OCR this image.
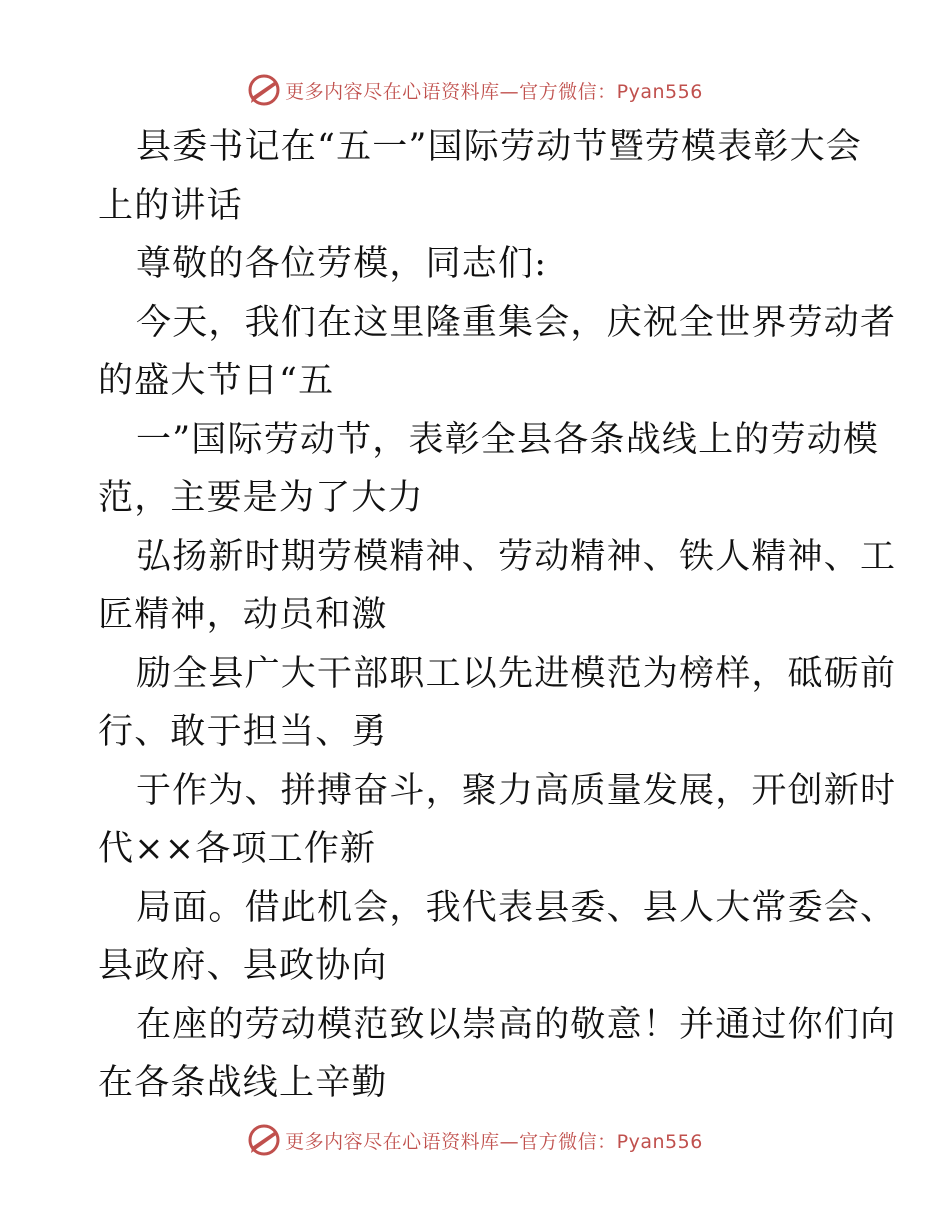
更多内容尽在心语资料库—官方微信：Pyan556
县委书记在“五一”国际劳动节暨劳模表彰大会
上的讲话
尊敬的各位劳模，同志们:
今天，我们在这里隆重集会，庆祝全世界劳动者
的盛大节日“五
一”国际劳动节，表彰全县各条战线上的劳动模
范，主要是为了大力
弘扬新时期劳模精神、劳动精神、铁人精神、工
匠精神，动员和激
励全县广大干部职工以先进模范为榜样，砥砺前
行、敢于担当、勇
于作为、拼搏奋斗，聚力高质量发展，开创新时
代××各项工作新
局面。借此机会，我代表县委、县人大常委会、
县政府、县政协向
在座的劳动模范致以崇高的敬意！并通过你们向
在各条战线上辛勤
更多内容尽在心语资料库—官方微信：Pyan556
